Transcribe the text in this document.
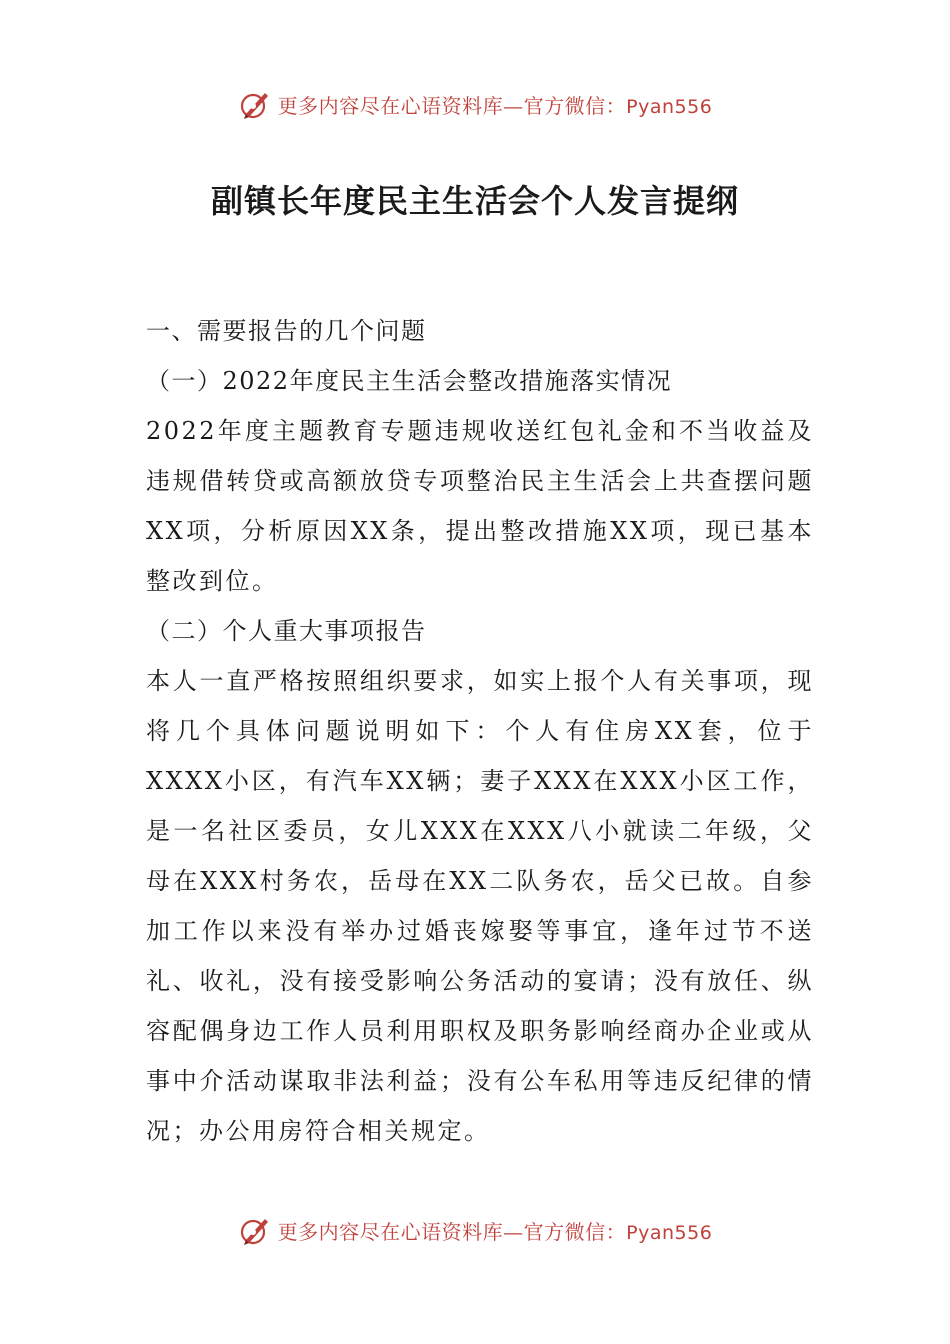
更多内容尽在心语资料库—官方微信：Pyan556
副镇长年度民主生活会个人发言提纲

一、需要报告的几个问题

（一）2022年度民主生活会整改措施落实情况

2022年度主题教育专题违规收送红包礼金和不当收益及违规借转贷或高额放贷专项整治民主生活会上共查摆问题XX项，分析原因XX条，提出整改措施XX项，现已基本整改到位。

（二）个人重大事项报告

本人一直严格按照组织要求，如实上报个人有关事项，现将几个具体问题说明如下：个人有住房XX套，位于XXXX小区，有汽车XX辆；妻子XXX在XXX小区工作，是一名社区委员，女儿XXX在XXX八小就读二年级，父母在XXX村务农，岳母在XX二队务农，岳父已故。自参加工作以来没有举办过婚丧嫁娶等事宜，逢年过节不送礼、收礼，没有接受影响公务活动的宴请；没有放任、纵容配偶身边工作人员利用职权及职务影响经商办企业或从事中介活动谋取非法利益；没有公车私用等违反纪律的情况；办公用房符合相关规定。

更多内容尽在心语资料库—官方微信：Pyan556
